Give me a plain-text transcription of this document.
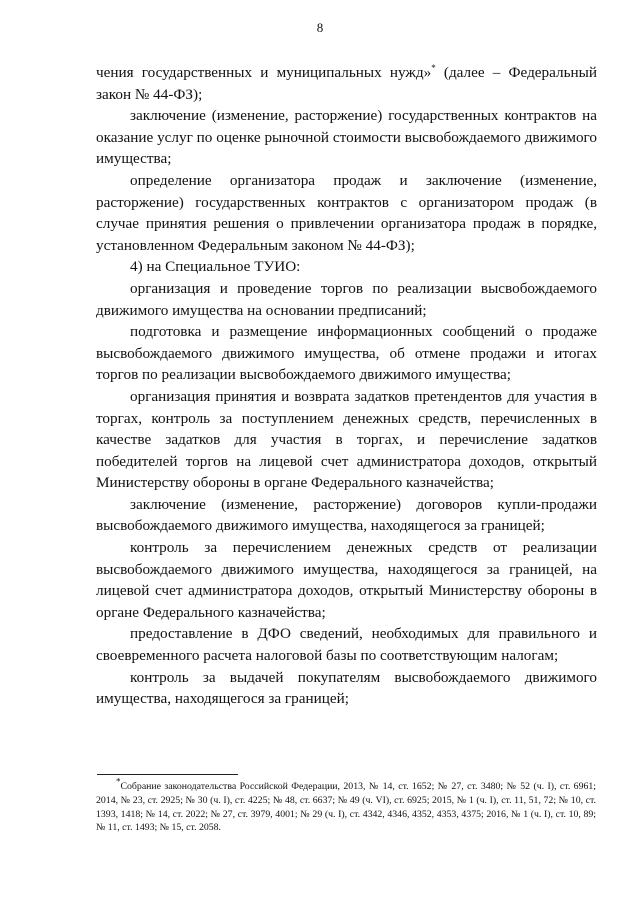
8

чения государственных и муниципальных нужд»* (далее – Федеральный закон № 44-ФЗ);

заключение (изменение, расторжение) государственных контрактов на оказание услуг по оценке рыночной стоимости высвобождаемого движимого имущества;

определение организатора продаж и заключение (изменение, расторжение) государственных контрактов с организатором продаж (в случае принятия решения о привлечении организатора продаж в порядке, установленном Федеральным законом № 44-ФЗ);

4) на Специальное ТУИО:

организация и проведение торгов по реализации высвобождаемого движимого имущества на основании предписаний;

подготовка и размещение информационных сообщений о продаже высвобождаемого движимого имущества, об отмене продажи и итогах торгов по реализации высвобождаемого движимого имущества;

организация принятия и возврата задатков претендентов для участия в торгах, контроль за поступлением денежных средств, перечисленных в качестве задатков для участия в торгах, и перечисление задатков победителей торгов на лицевой счет администратора доходов, открытый Министерству обороны в органе Федерального казначейства;

заключение (изменение, расторжение) договоров купли-продажи высвобождаемого движимого имущества, находящегося за границей;

контроль за перечислением денежных средств от реализации высвобождаемого движимого имущества, находящегося за границей, на лицевой счет администратора доходов, открытый Министерству обороны в органе Федерального казначейства;

предоставление в ДФО сведений, необходимых для правильного и своевременного расчета налоговой базы по соответствующим налогам;

контроль за выдачей покупателям высвобождаемого движимого имущества, находящегося за границей;

*Собрание законодательства Российской Федерации, 2013, № 14, ст. 1652; № 27, ст. 3480; № 52 (ч. I), ст. 6961; 2014, № 23, ст. 2925; № 30 (ч. I), ст. 4225; № 48, ст. 6637; № 49 (ч. VI), ст. 6925; 2015, № 1 (ч. I), ст. 11, 51, 72; № 10, ст. 1393, 1418; № 14, ст. 2022; № 27, ст. 3979, 4001; № 29 (ч. I), ст. 4342, 4346, 4352, 4353, 4375; 2016, № 1 (ч. I), ст. 10, 89; № 11, ст. 1493; № 15, ст. 2058.
